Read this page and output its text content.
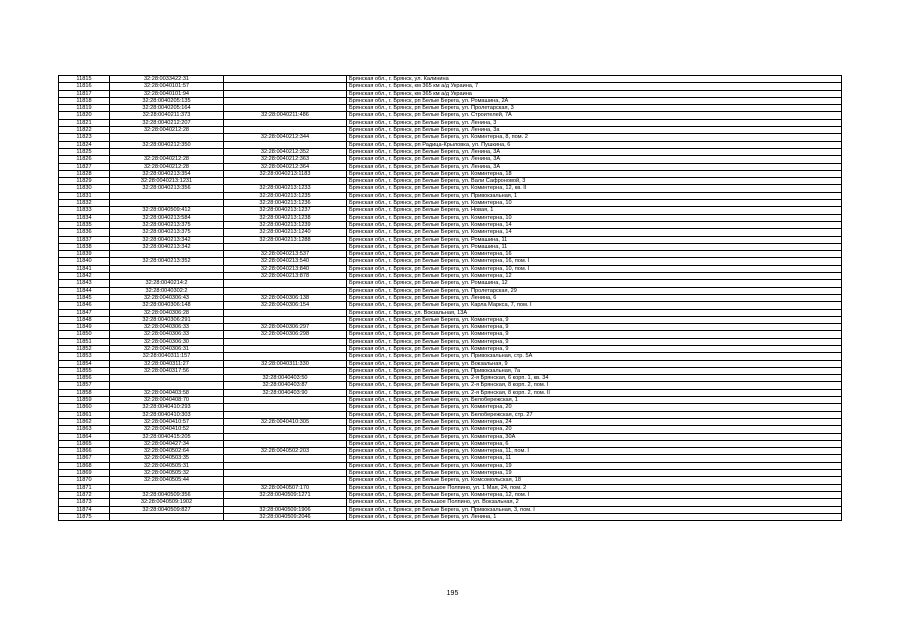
11815	32:28:0033422:31		Брянская обл., г. Брянск, ул. Калинина
11816	32:28:0040101:57		Брянская обл., г. Брянск, км 365 км а/д Украина, 7
11817	32:28:0040101:94		Брянская обл., г. Брянск, км 365 км а/д Украина
11818	32:28:0040205:135		Брянская обл., г. Брянск, рп Белые Берега, ул. Ромашина, 2А
11819	32:28:0040205:164		Брянская обл., г. Брянск, рп Белые Берега, ул. Пролетарская, 3
11820	32:28:0040211:373	32:28:0040211:486	Брянская обл., г. Брянск, рп Белые Берега, ул. Строителей, 7А
11821	32:28:0040212:207		Брянская обл., г. Брянск, рп Белые Берега, ул. Ленина, 3
11822	32:28:0040212:28		Брянская обл., г. Брянск, рп Белые Берега, ул. Ленина, 3а
11823		32:28:0040212:344	Брянская обл., г. Брянск, рп Белые Берега, ул. Коминтерна, 8, пом. 2
11824	32:28:0040212:350		Брянская обл., г. Брянск, рп Радица-Крыловка, ул. Пушкина, 6
11825		32:28:0040212:352	Брянская обл., г. Брянск, рп Белые Берега, ул. Ленина, 3А
11826	32:28:0040212:28	32:28:0040212:363	Брянская обл., г. Брянск, рп Белые Берега, ул. Ленина, 3А
11827	32:28:0040212:28	32:28:0040212:364	Брянская обл., г. Брянск, рп Белые Берега, ул. Ленина, 3А
11828	32:28:0040213:354	32:28:0040213:1183	Брянская обл., г. Брянск, рп Белые Берега, ул. Коминтерна, 18
11829	32:28:0040213:1231		Брянская обл., г. Брянск, рп Белые Берега, ул. Вали Сафроновой, 3
11830	32:28:0040213:356	32:28:0040213:1233	Брянская обл., г. Брянск, рп Белые Берега, ул. Коминтерна, 12, кв. II
11831		32:28:0040213:1235	Брянская обл., г. Брянск, рп Белые Берега, ул. Привокзальная, 1
11832		32:28:0040213:1236	Брянская обл., г. Брянск, рп Белые Берега, ул. Коминтерна, 10
11833	32:28:0040509:412	32:28:0040213:1237	Брянская обл., г. Брянск, рп Белые Берега, ул. Новая, 1
11834	32:28:0040213:584	32:28:0040213:1238	Брянская обл., г. Брянск, рп Белые Берега, ул. Коминтерна, 10
11835	32:28:0040213:375	32:28:0040213:1239	Брянская обл., г. Брянск, рп Белые Берега, ул. Коминтерна, 14
11836	32:28:0040213:375	32:28:0040213:1240	Брянская обл., г. Брянск, рп Белые Берега, ул. Коминтерна, 14
11837	32:28:0040213:342	32:28:0040213:1288	Брянская обл., г. Брянск, рп Белые Берега, ул. Ромашина, 11
11838	32:28:0040213:342		Брянская обл., г. Брянск, рп Белые Берега, ул. Ромашина, 11
11839		32:28:0040213:537	Брянская обл., г. Брянск, рп Белые Берега, ул. Коминтерна, 16
11840	32:28:0040213:352	32:28:0040213:540	Брянская обл., г. Брянск, рп Белые Берега, ул. Коминтерна, 16, пом. I
11841		32:28:0040213:840	Брянская обл., г. Брянск, рп Белые Берега, ул. Коминтерна, 10, пом. I
11842		32:28:0040213:878	Брянская обл., г. Брянск, рп Белые Берега, ул. Коминтерна, 12
11843	32:28:0040214:2		Брянская обл., г. Брянск, рп Белые Берега, ул. Ромашина, 12
11844	32:28:0040302:2		Брянская обл., г. Брянск, рп Белые Берега, ул. Пролетарская, 29
11845	32:28:0040306:43	32:28:0040306:138	Брянская обл., г. Брянск, рп Белые Берега, ул. Ленина, 6
11846	32:28:0040306:148	32:28:0040306:154	Брянская обл., г. Брянск, рп Белые Берега, ул. Карла Маркса, 7, пом. I
11847	32:28:0040306:28		Брянская обл., г. Брянск, ул. Вокзальная, 13А
11848	32:28:0040306:291		Брянская обл., г. Брянск, рп Белые Берега, ул. Коминтерна, 9
11849	32:28:0040306:33	32:28:0040306:297	Брянская обл., г. Брянск, рп Белые Берега, ул. Коминтерна, 9
11850	32:28:0040306:33	32:28:0040306:298	Брянская обл., г. Брянск, рп Белые Берега, ул. Коминтерна, 9
11851	32:28:0040306:30		Брянская обл., г. Брянск, рп Белые Берега, ул. Коминтерна, 9
11852	32:28:0040306:31		Брянская обл., г. Брянск, рп Белые Берега, ул. Коминтерна, 9
11853	32:28:0040311:157		Брянская обл., г. Брянск, рп Белые Берега, ул. Привокзальная, стр. 5А
11854	32:28:0040311:27	32:28:0040311:330	Брянская обл., г. Брянск, рп Белые Берега, ул. Вокзальная, 9
11855	32:28:0040317:56		Брянская обл., г. Брянск, рп Белые Берега, ул. Привокзальная, 7а
11856		32:28:0040403:50	Брянская обл., г. Брянск, рп Белые Берега, ул. 2-я Брянская, 6 корп. 1, кв. 34
11857		32:28:0040403:87	Брянская обл., г. Брянск, рп Белые Берега, ул. 2-я Брянская, 8 корп. 2, пом. I
11858	32:28:0040403:58	32:28:0040403:90	Брянская обл., г. Брянск, рп Белые Берега, ул. 2-я Брянская, 8 корп. 2, пом. II
11859	32:28:0040408:70		Брянская обл., г. Брянск, рп Белые Берега, ул. Белобережская, 1
11860	32:28:0040410:293		Брянская обл., г. Брянск, рп Белые Берега, ул. Коминтерна, 20
11861	32:28:0040410:303		Брянская обл., г. Брянск, рп Белые Берега, ул. Белобережская, стр. 27
11862	32:28:0040410:57	32:28:0040410:305	Брянская обл., г. Брянск, рп Белые Берега, ул. Коминтерна, 24
11863	32:28:0040410:52		Брянская обл., г. Брянск, рп Белые Берега, ул. Коминтерна, 20
11864	32:28:0040415:205		Брянская обл., г. Брянск, рп Белые Берега, ул. Коминтерна, 30А
11865	32:28:0040427:34		Брянская обл., г. Брянск, рп Белые Берега, ул. Коминтерна, 6
11866	32:28:0040502:64	32:28:0040502:203	Брянская обл., г. Брянск, рп Белые Берега, ул. Коминтерна, 11, пом. I
11867	32:28:0040503:35		Брянская обл., г. Брянск, рп Белые Берега, ул. Коминтерна, 11
11868	32:28:0040505:31		Брянская обл., г. Брянск, рп Белые Берега, ул. Коминтерна, 19
11869	32:28:0040505:32		Брянская обл., г. Брянск, рп Белые Берега, ул. Коминтерна, 19
11870	32:28:0040505:44		Брянская обл., г. Брянск, рп Белые Берега, ул. Комсомольская, 18
11871		32:28:0040507:170	Брянская обл., г. Брянск, рп Большое Полпино, ул. 1 Мая, 24, пом. 2
11872	32:28:0040509:356	32:28:0040509:1271	Брянская обл., г. Брянск, рп Белые Берега, ул. Коминтерна, 12, пом. I
11873	32:28:0040509:1902		Брянская обл., г. Брянск, рп Большое Полпино, ул. Вокзальная, 2
11874	32:28:0040509:827	32:28:0040509:1906	Брянская обл., г. Брянск, рп Белые Берега, ул. Привокзальная, 3, пом. I
11875		32:28:0040509:2046	Брянская обл., г. Брянск, рп Белые Берега, ул. Ленина, 1
195
